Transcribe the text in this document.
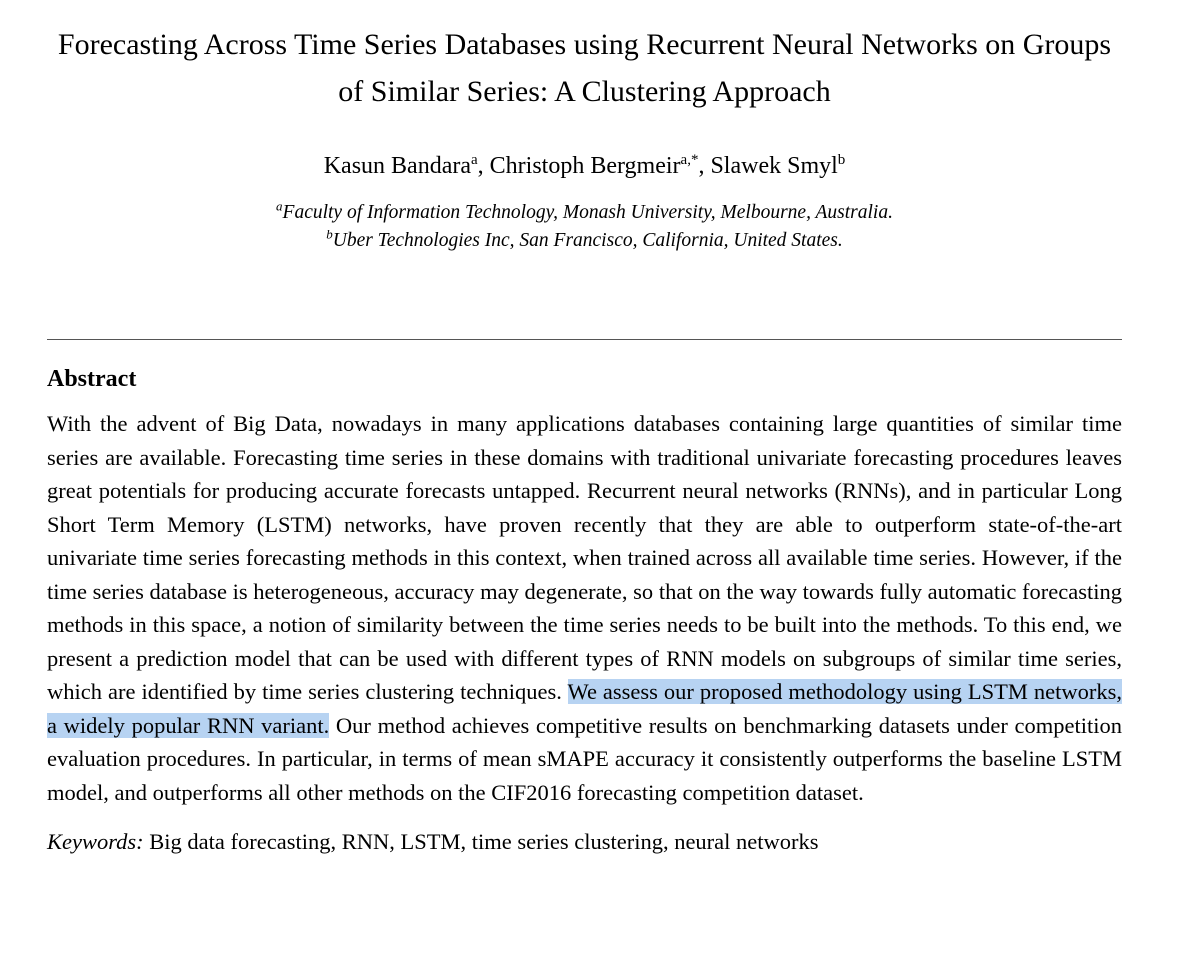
Forecasting Across Time Series Databases using Recurrent Neural Networks on Groups of Similar Series: A Clustering Approach
Kasun Bandara$^a$, Christoph Bergmeir$^{a,*}$, Slawek Smyl$^b$
$^a$Faculty of Information Technology, Monash University, Melbourne, Australia.
$^b$Uber Technologies Inc, San Francisco, California, United States.
Abstract

With the advent of Big Data, nowadays in many applications databases containing large quantities of similar time series are available. Forecasting time series in these domains with traditional univariate forecasting procedures leaves great potentials for producing accurate forecasts untapped. Recurrent neural networks (RNNs), and in particular Long Short Term Memory (LSTM) networks, have proven recently that they are able to outperform state-of-the-art univariate time series forecasting methods in this context, when trained across all available time series. However, if the time series database is heterogeneous, accuracy may degenerate, so that on the way towards fully automatic forecasting methods in this space, a notion of similarity between the time series needs to be built into the methods. To this end, we present a prediction model that can be used with different types of RNN models on subgroups of similar time series, which are identified by time series clustering techniques. We assess our proposed methodology using LSTM networks, a widely popular RNN variant. Our method achieves competitive results on benchmarking datasets under competition evaluation procedures. In particular, in terms of mean sMAPE accuracy it consistently outperforms the baseline LSTM model, and outperforms all other methods on the CIF2016 forecasting competition dataset.

Keywords: Big data forecasting, RNN, LSTM, time series clustering, neural networks
